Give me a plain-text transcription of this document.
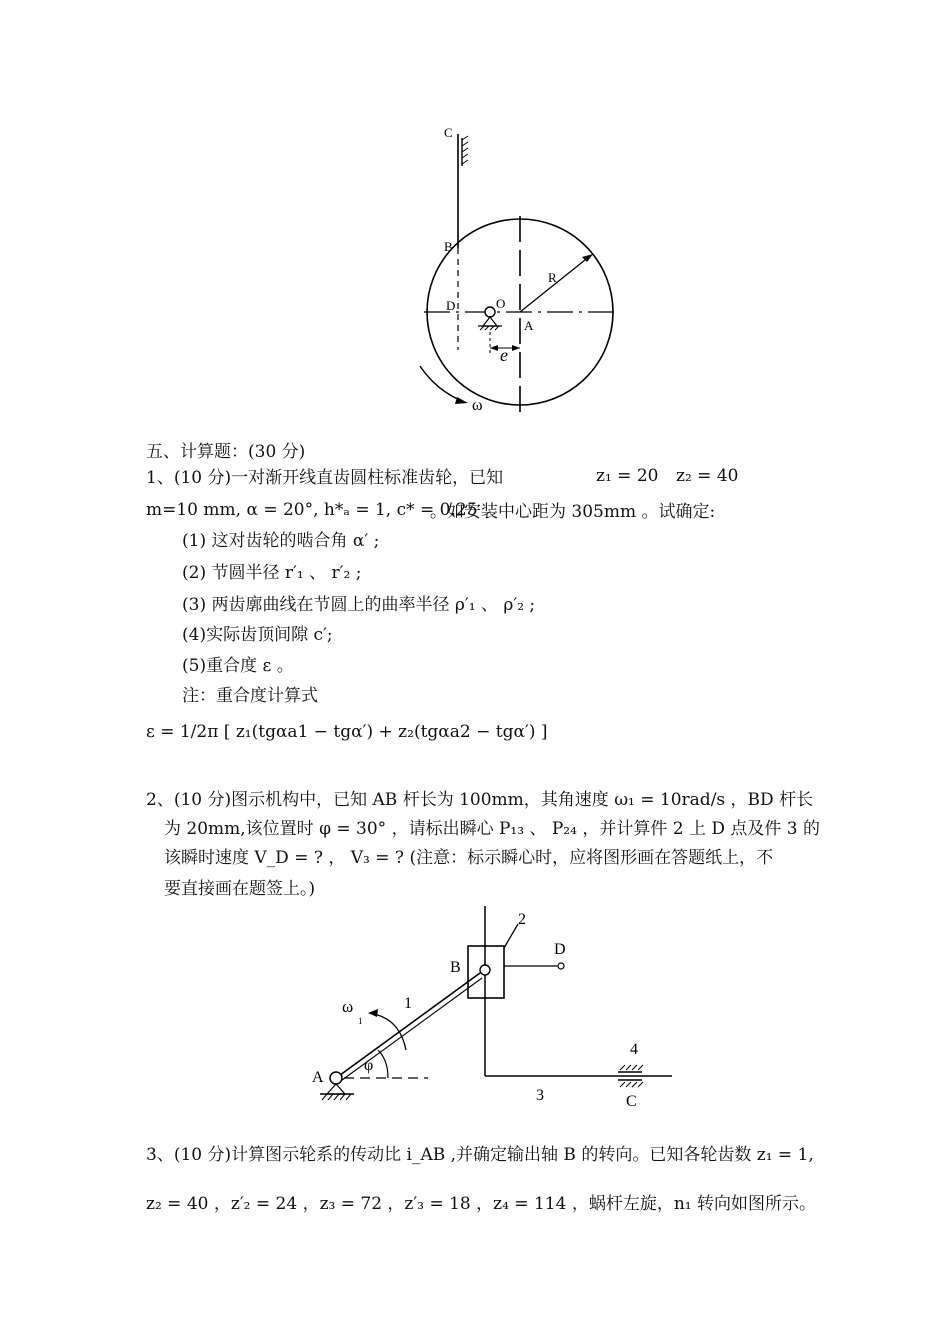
C
B
D	O
A
R
e
ω
五、计算题：(30 分)
1、(10 分)一对渐开线直齿圆柱标准齿轮，已知	z₁ = 20 z₂ = 40
m=10 mm, α = 20°, h*ₐ = 1, c* = 0.25
。如安装中心距为 305mm 。试确定:
(1) 这对齿轮的啮合角 α′ ;
(2) 节圆半径 r′₁ 、 r′₂ ;
(3) 两齿廓曲线在节圆上的曲率半径 ρ′₁ 、 ρ′₂ ;
(4)实际齿顶间隙 c′;
(5)重合度 ε 。
注：重合度计算式
ε = 1/2π [ z₁(tgαa1 − tgα′) + z₂(tgαa2 − tgα′) ]
2、(10 分)图示机构中，已知 AB 杆长为 100mm，其角速度 ω₁ = 10rad/s ，BD 杆长
为 20mm,该位置时 φ = 30° ，请标出瞬心 P₁₃ 、 P₂₄ ，并计算件 2 上 D 点及件 3 的
该瞬时速度 V_D = ? ， V₃ = ? (注意：标示瞬心时，应将图形画在答题纸上，不
要直接画在题签上。)
2
D
B
ω
1
1
φ
A
4
3	C
3、(10 分)计算图示轮系的传动比 i_AB ,并确定输出轴 B 的转向。已知各轮齿数 z₁ = 1,
z₂ = 40 ，z′₂ = 24 ，z₃ = 72 ，z′₃ = 18 ，z₄ = 114 ，蜗杆左旋，n₁ 转向如图所示。
